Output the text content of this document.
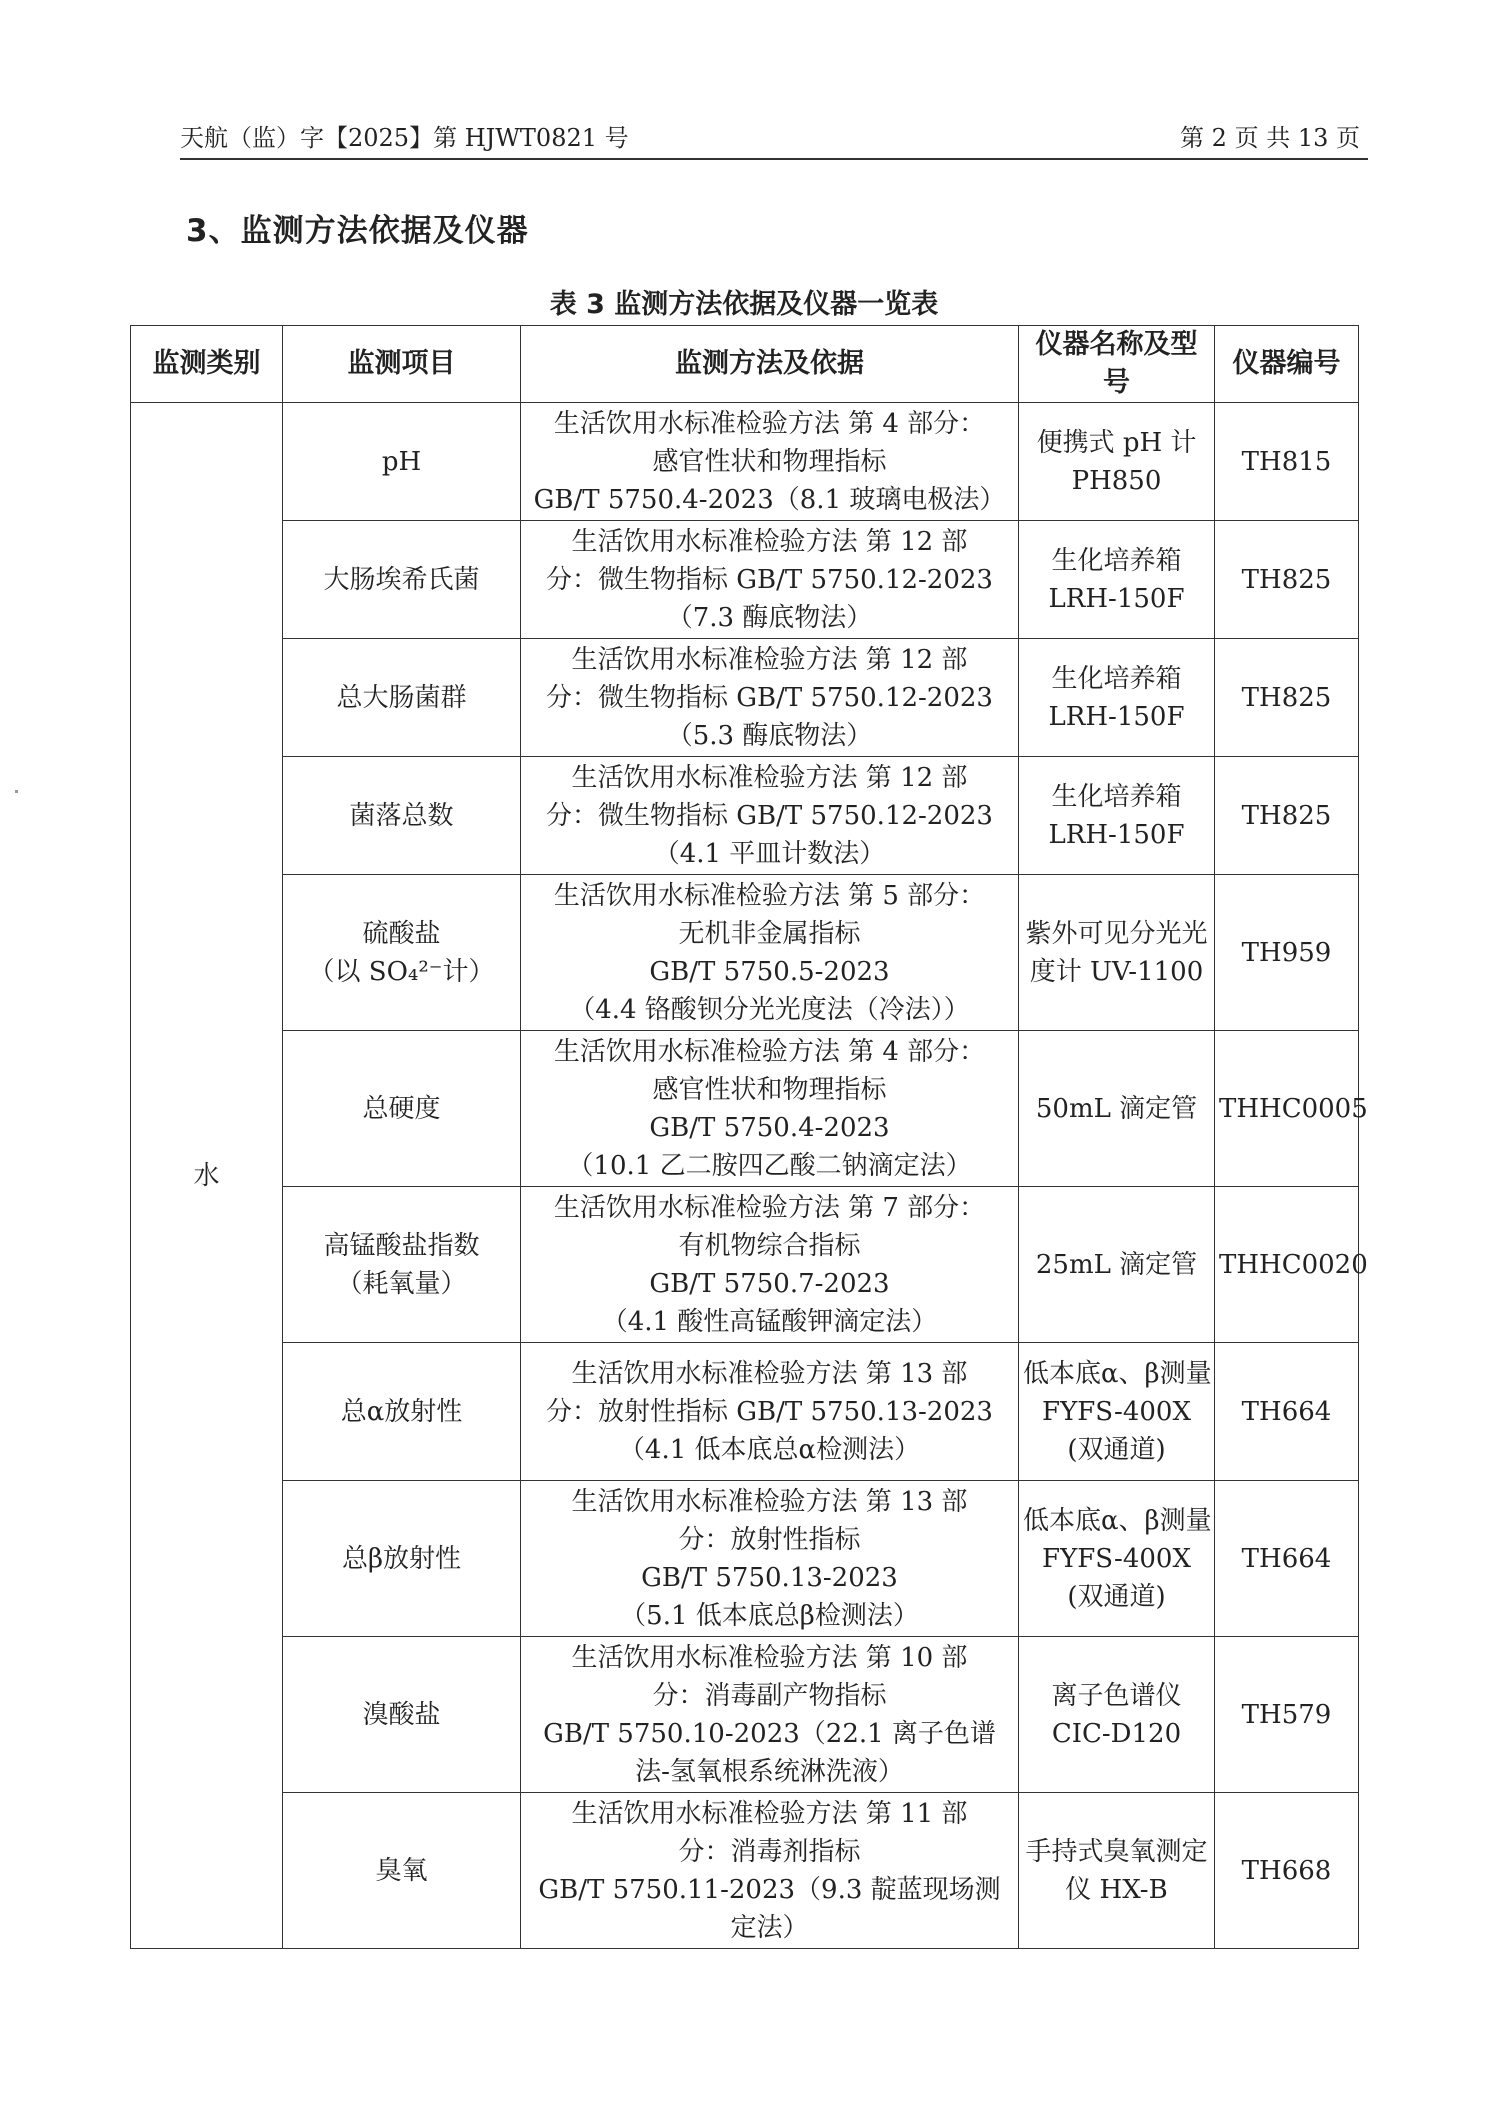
天航（监）字【2025】第 HJWT0821 号	第 2 页 共 13 页
3、监测方法依据及仪器
表 3 监测方法依据及仪器一览表
监测类别	监测项目	监测方法及依据	仪器名称及型号	仪器编号
水	pH	生活饮用水标准检验方法 第 4 部分：
感官性状和物理指标
GB/T 5750.4-2023（8.1 玻璃电极法）	便携式 pH 计
PH850	TH815

	大肠埃希氏菌	生活饮用水标准检验方法 第 12 部
分：微生物指标 GB/T 5750.12-2023
（7.3 酶底物法）	生化培养箱
LRH-150F	TH825

	总大肠菌群	生活饮用水标准检验方法 第 12 部
分：微生物指标 GB/T 5750.12-2023
（5.3 酶底物法）	生化培养箱
LRH-150F	TH825

	菌落总数	生活饮用水标准检验方法 第 12 部
分：微生物指标 GB/T 5750.12-2023
（4.1 平皿计数法）	生化培养箱
LRH-150F	TH825

	硫酸盐
（以 SO₄²⁻计）	生活饮用水标准检验方法 第 5 部分：
无机非金属指标
GB/T 5750.5-2023
（4.4 铬酸钡分光光度法（冷法））	紫外可见分光光
度计 UV-1100	TH959

	总硬度	生活饮用水标准检验方法 第 4 部分：
感官性状和物理指标
GB/T 5750.4-2023
（10.1 乙二胺四乙酸二钠滴定法）	50mL 滴定管	THHC0005

	高锰酸盐指数
（耗氧量）	生活饮用水标准检验方法 第 7 部分：
有机物综合指标
GB/T 5750.7-2023
（4.1 酸性高锰酸钾滴定法）	25mL 滴定管	THHC0020

	总α放射性	生活饮用水标准检验方法 第 13 部
分：放射性指标 GB/T 5750.13-2023
（4.1 低本底总α检测法）	低本底α、β测量
FYFS-400X
(双通道)	TH664

	总β放射性	生活饮用水标准检验方法 第 13 部
分：放射性指标
GB/T 5750.13-2023
（5.1 低本底总β检测法）	低本底α、β测量
FYFS-400X
(双通道)	TH664

	溴酸盐	生活饮用水标准检验方法 第 10 部
分：消毒副产物指标
GB/T 5750.10-2023（22.1 离子色谱
法-氢氧根系统淋洗液）	离子色谱仪
CIC-D120	TH579

	臭氧	生活饮用水标准检验方法 第 11 部
分：消毒剂指标
GB/T 5750.11-2023（9.3 靛蓝现场测
定法）	手持式臭氧测定
仪 HX-B	TH668
